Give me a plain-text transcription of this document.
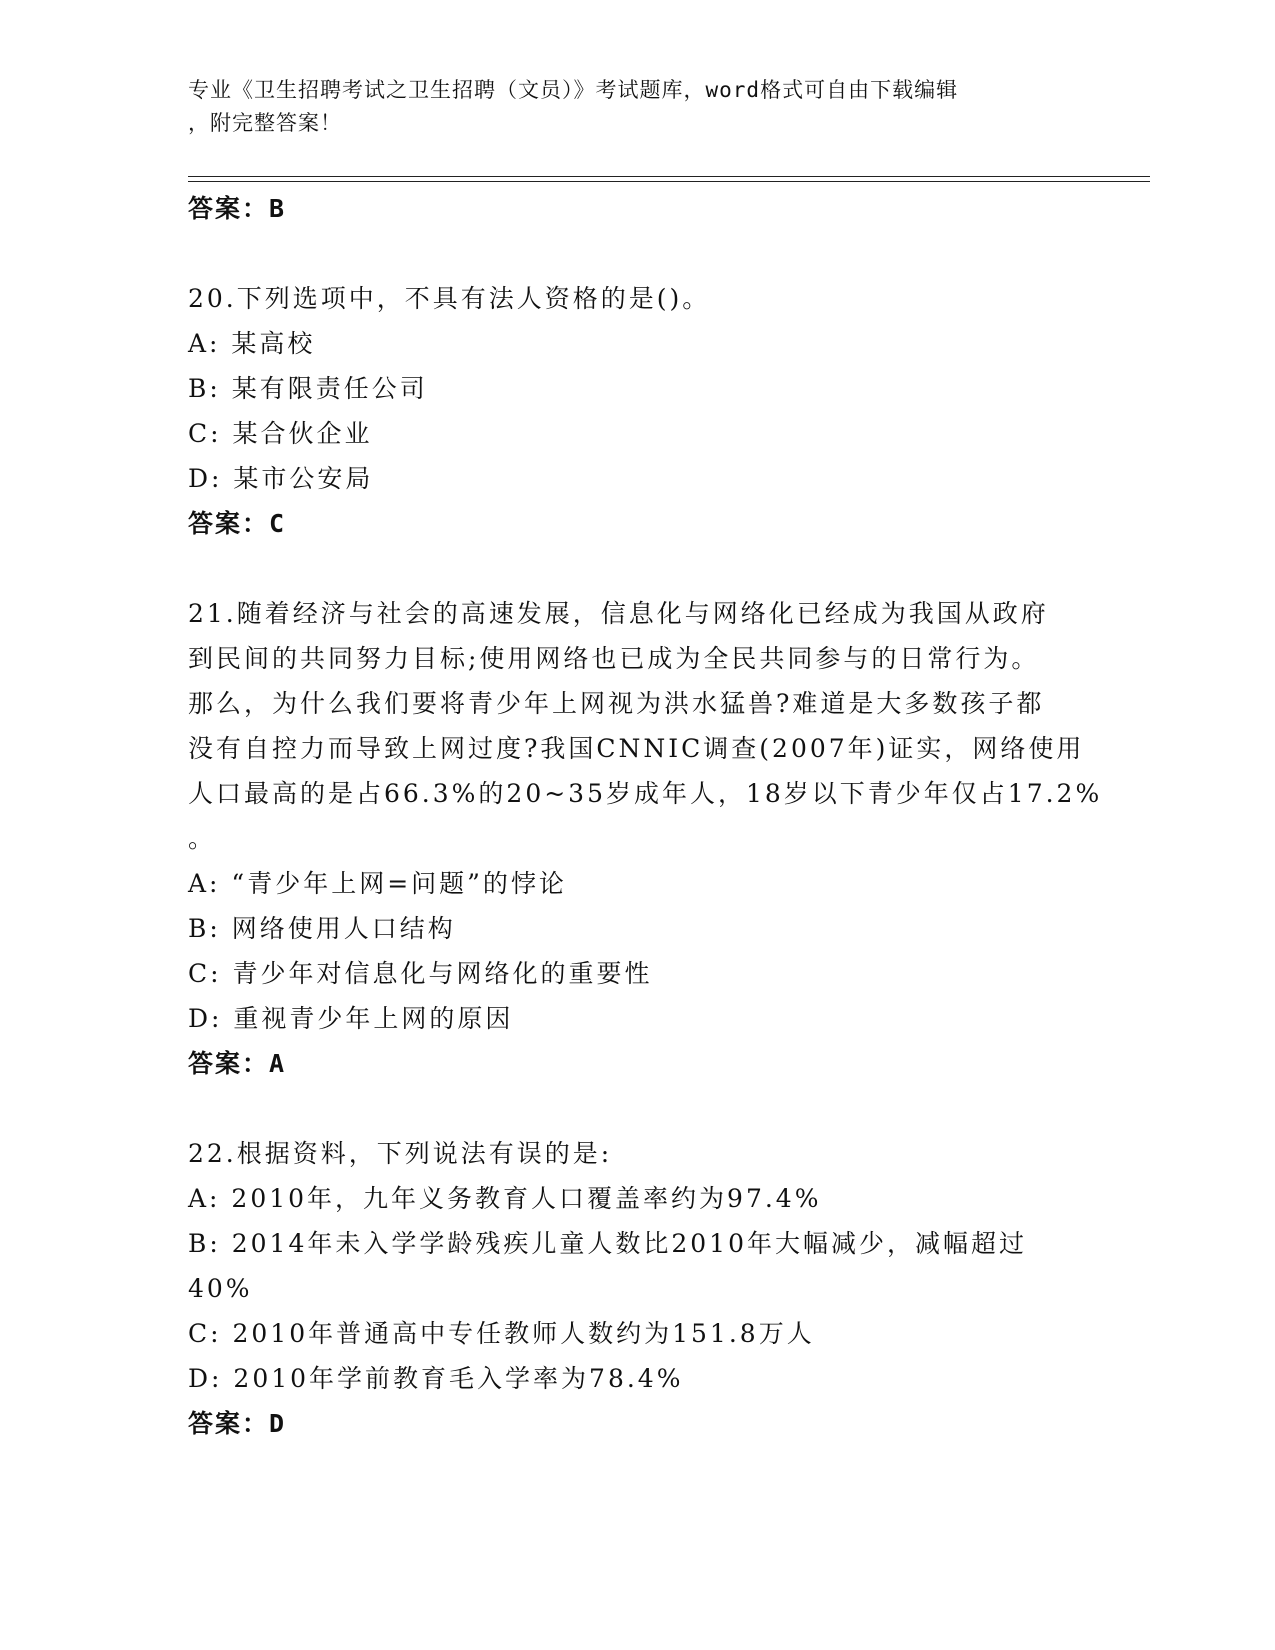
专业《卫生招聘考试之卫生招聘（文员）》考试题库，word格式可自由下载编辑
，附完整答案！
答案：B
20.下列选项中，不具有法人资格的是()。
A: 某高校
B: 某有限责任公司
C: 某合伙企业
D: 某市公安局
答案：C
21.随着经济与社会的高速发展，信息化与网络化已经成为我国从政府
到民间的共同努力目标;使用网络也已成为全民共同参与的日常行为。
那么，为什么我们要将青少年上网视为洪水猛兽?难道是大多数孩子都
没有自控力而导致上网过度?我国CNNIC调查(2007年)证实，网络使用
人口最高的是占66.3%的20~35岁成年人，18岁以下青少年仅占17.2%
。
A: “青少年上网=问题”的悖论
B: 网络使用人口结构
C: 青少年对信息化与网络化的重要性
D: 重视青少年上网的原因
答案：A
22.根据资料，下列说法有误的是:
A: 2010年，九年义务教育人口覆盖率约为97.4%
B: 2014年未入学学龄残疾儿童人数比2010年大幅减少，减幅超过
40%
C: 2010年普通高中专任教师人数约为151.8万人
D: 2010年学前教育毛入学率为78.4%
答案：D
